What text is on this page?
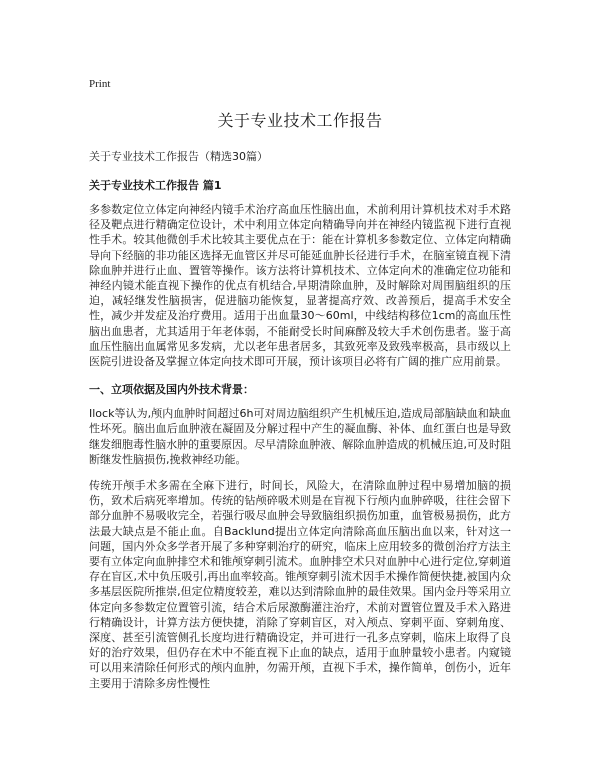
Print
关于专业技术工作报告

关于专业技术工作报告（精选30篇）

关于专业技术工作报告 篇1

多参数定位立体定向神经内镜手术治疗高血压性脑出血，术前利用计算机技术对手术路径及靶点进行精确定位设计，术中利用立体定向精确导向并在神经内镜监视下进行直视性手术。较其他微创手术比较其主要优点在于：能在计算机多参数定位、立体定向精确导向下经脑的非功能区选择无血管区并尽可能延血肿长径进行手术，在脑室镜直视下清除血肿并进行止血、置管等操作。该方法将计算机技术、立体定向术的准确定位功能和神经内镜术能直视下操作的优点有机结合,早期清除血肿，及时解除对周围脑组织的压迫，减轻继发性脑损害，促进脑功能恢复，显著提高疗效、改善预后，提高手术安全性，减少并发症及治疗费用。适用于出血量30～60ml，中线结构移位1cm的高血压性脑出血患者，尤其适用于年老体弱，不能耐受长时间麻醉及较大手术创伤患者。鉴于高血压性脑出血属常见多发病，尤以老年患者居多，其致死率及致残率极高，县市级以上医院引进设备及掌握立体定向技术即可开展，预计该项目必将有广阔的推广应用前景。

一、立项依据及国内外技术背景：

Ilock等认为,颅内血肿时间超过6h可对周边脑组织产生机械压迫,造成局部脑缺血和缺血性坏死。脑出血后血肿液在凝固及分解过程中产生的凝血酶、补体、血红蛋白也是导致继发细胞毒性脑水肿的重要原因。尽早清除血肿液、解除血肿造成的机械压迫,可及时阻断继发性脑损伤,挽救神经功能。

传统开颅手术多需在全麻下进行，时间长，风险大，在清除血肿过程中易增加脑的损伤，致术后病死率增加。传统的钻颅碎吸术则是在盲视下行颅内血肿碎吸，往往会留下部分血肿不易吸收完全，若强行吸尽血肿会导致脑组织损伤加重，血管极易损伤，此方法最大缺点是不能止血。自Backlund提出立体定向清除高血压脑出血以来，针对这一问题，国内外众多学者开展了多种穿刺治疗的研究，临床上应用较多的微创治疗方法主要有立体定向血肿排空术和锥颅穿刺引流术。血肿排空术只对血肿中心进行定位,穿刺道存在盲区,术中负压吸引,再出血率较高。锥颅穿刺引流术因手术操作简便快捷,被国内众多基层医院所推崇,但定位精度较差，难以达到清除血肿的最佳效果。国内金丹等采用立体定向多参数定位置管引流，结合术后尿激酶灌注治疗，术前对置管位置及手术入路进行精确设计，计算方法方便快捷，消除了穿刺盲区，对入颅点、穿刺平面、穿刺角度、深度、甚至引流管侧孔长度均进行精确设定，并可进行一孔多点穿刺，临床上取得了良好的治疗效果，但仍存在术中不能直视下止血的缺点，适用于血肿量较小患者。内窥镜可以用来清除任何形式的颅内血肿，勿需开颅，直视下手术，操作简单，创伤小，近年主要用于清除多房性慢性
